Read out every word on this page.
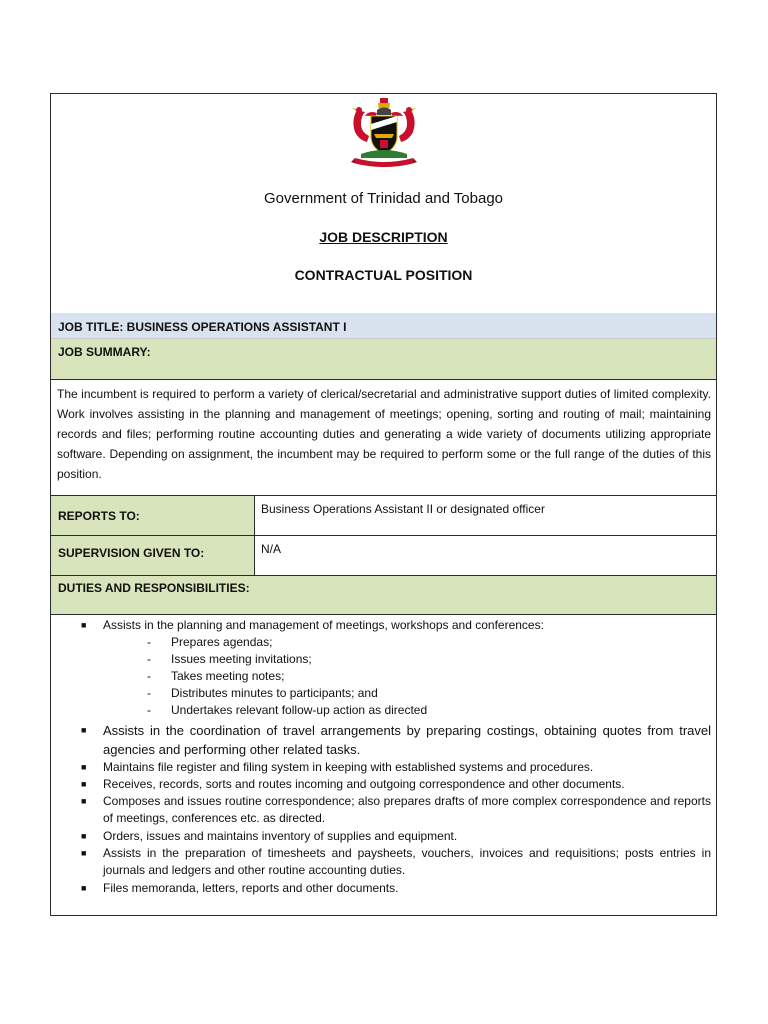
Government of Trinidad and Tobago
JOB DESCRIPTION
CONTRACTUAL POSITION
JOB TITLE: BUSINESS OPERATIONS ASSISTANT I
JOB SUMMARY:
The incumbent is required to perform a variety of clerical/secretarial and administrative support duties of limited complexity. Work involves assisting in the planning and management of meetings; opening, sorting and routing of mail; maintaining records and files; performing routine accounting duties and generating a wide variety of documents utilizing appropriate software. Depending on assignment, the incumbent may be required to perform some or the full range of the duties of this position.
REPORTS TO:	Business Operations Assistant II or designated officer
SUPERVISION GIVEN TO:	N/A
DUTIES AND RESPONSIBILITIES:
■ Assists in the planning and management of meetings, workshops and conferences:
- Prepares agendas;
- Issues meeting invitations;
- Takes meeting notes;
- Distributes minutes to participants; and
- Undertakes relevant follow-up action as directed
■ Assists in the coordination of travel arrangements by preparing costings, obtaining quotes from travel agencies and performing other related tasks.
■ Maintains file register and filing system in keeping with established systems and procedures.
■ Receives, records, sorts and routes incoming and outgoing correspondence and other documents.
■ Composes and issues routine correspondence; also prepares drafts of more complex correspondence and reports of meetings, conferences etc. as directed.
■ Orders, issues and maintains inventory of supplies and equipment.
■ Assists in the preparation of timesheets and paysheets, vouchers, invoices and requisitions; posts entries in journals and ledgers and other routine accounting duties.
■ Files memoranda, letters, reports and other documents.
